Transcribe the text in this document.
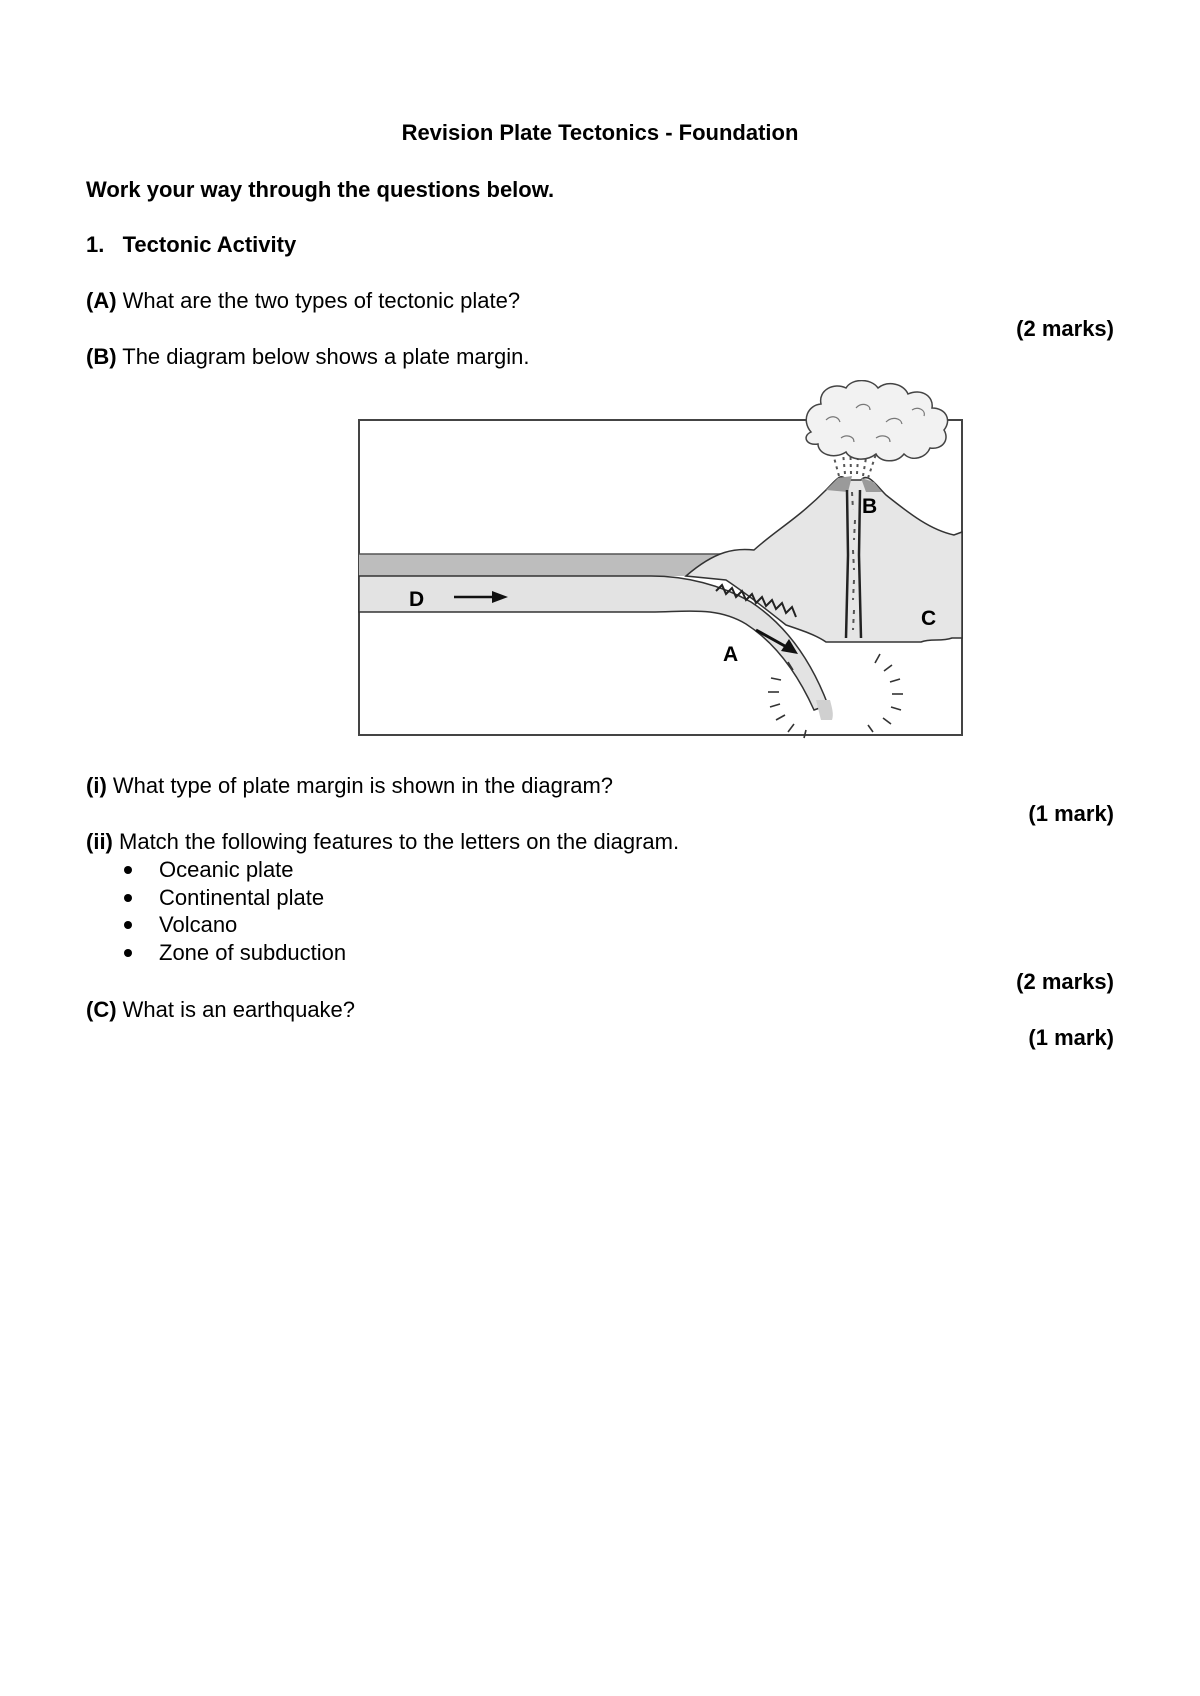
Revision Plate Tectonics - Foundation
Work your way through the questions below.
1. Tectonic Activity
(A) What are the two types of tectonic plate?
(2 marks)
(B) The diagram below shows a plate margin.
D
A
B
C
(i) What type of plate margin is shown in the diagram?
(1 mark)
(ii) Match the following features to the letters on the diagram.
Oceanic plate
Continental plate
Volcano
Zone of subduction
(2 marks)
(C) What is an earthquake?
(1 mark)
